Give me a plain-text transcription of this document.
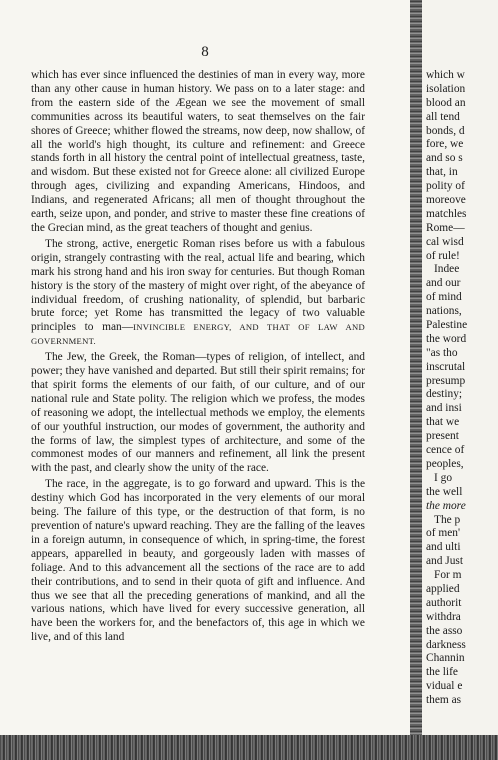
8

which has ever since influenced the destinies of man in every way, more than any other cause in human history. We pass on to a later stage: and from the eastern side of the Ægean we see the movement of small communities across its beautiful waters, to seat themselves on the fair shores of Greece; whither flowed the streams, now deep, now shallow, of all the world's high thought, its culture and refinement: and Greece stands forth in all history the central point of intellectual greatness, taste, and wisdom. But these existed not for Greece alone: all civilized Europe through ages, civilizing and expanding Americans, Hindoos, and Indians, and regenerated Africans; all men of thought throughout the earth, seize upon, and ponder, and strive to master these fine creations of the Grecian mind, as the great teachers of thought and genius.

The strong, active, energetic Roman rises before us with a fabulous origin, strangely contrasting with the real, actual life and bearing, which mark his strong hand and his iron sway for centuries. But though Roman history is the story of the mastery of might over right, of the abeyance of individual freedom, of crushing nationality, of splendid, but barbaric brute force; yet Rome has transmitted the legacy of two valuable principles to man—INVINCIBLE ENERGY, AND THAT OF LAW AND GOVERNMENT.

The Jew, the Greek, the Roman—types of religion, of intellect, and power; they have vanished and departed. But still their spirit remains; for that spirit forms the elements of our faith, of our culture, and of our national rule and State polity. The religion which we profess, the modes of reasoning we adopt, the intellectual methods we employ, the elements of our youthful instruction, our modes of government, the authority and the forms of law, the simplest types of architecture, and some of the commonest modes of our manners and refinement, all link the present with the past, and clearly show the unity of the race.

The race, in the aggregate, is to go forward and upward. This is the destiny which God has incorporated in the very elements of our moral being. The failure of this type, or the destruction of that form, is no prevention of nature's upward reaching. They are the falling of the leaves in a foreign autumn, in consequence of which, in spring-time, the forest appears, apparelled in beauty, and gorgeously laden with masses of foliage. And to this advancement all the sections of the race are to add their contributions, and to send in their quota of gift and influence. And thus we see that all the preceding generations of mankind, and all the various nations, which have lived for every successive generation, all have been the workers for, and the benefactors of, this age in which we live, and of this land

which w
isolation
blood an
all tend
bonds, d
fore, we
and so s
that, in
polity of
moreove
matchles
Rome—
cal wisd
of rule!
Indee
and our
of mind
nations,
Palestine
the word
"as tho
inscrutal
presump
destiny;
and insi
that we
present
cence of
peoples,
I go
the well
the more
The p
of men'
and ulti
and Just
For m
applied
authorit
withdra
the asso
darkness
Channin
the life
vidual e
them as
